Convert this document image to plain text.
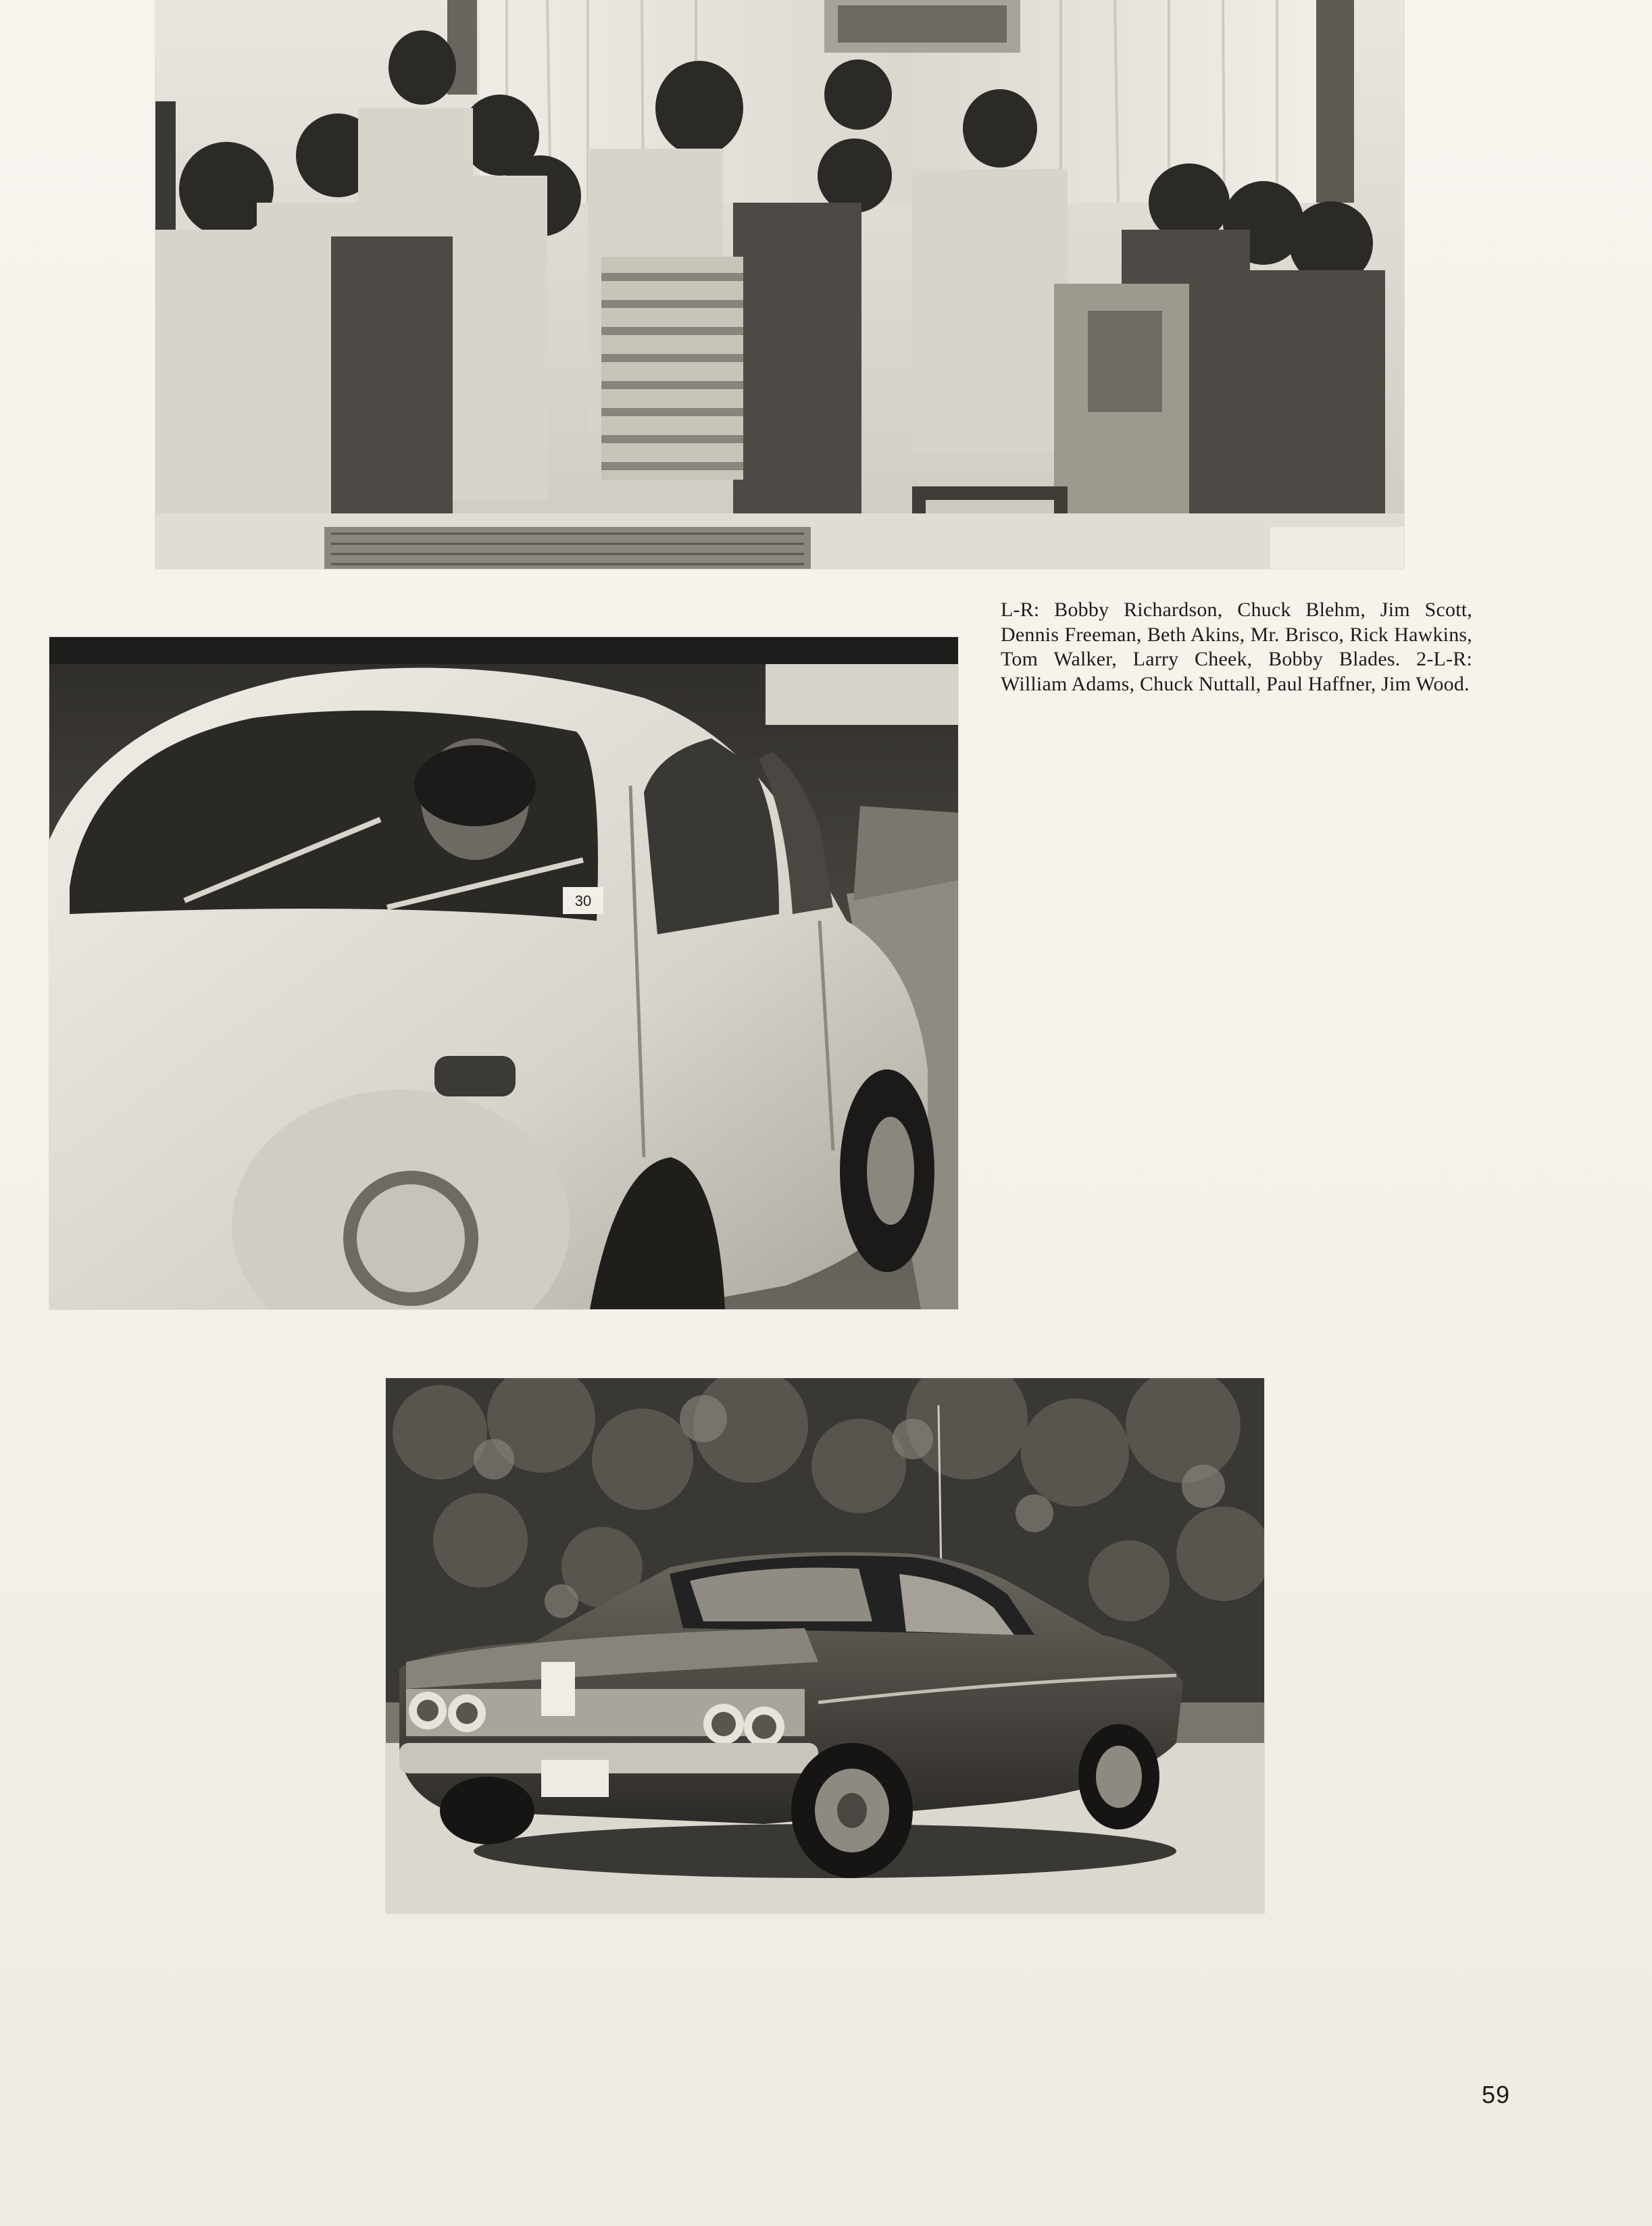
L-R: Bobby Richardson, Chuck Blehm, Jim Scott, Dennis Freeman, Beth Akins, Mr. Brisco, Rick Hawkins, Tom Walker, Larry Cheek, Bobby Blades. 2-L-R: William Adams, Chuck Nuttall, Paul Haffner, Jim Wood.
30
59
